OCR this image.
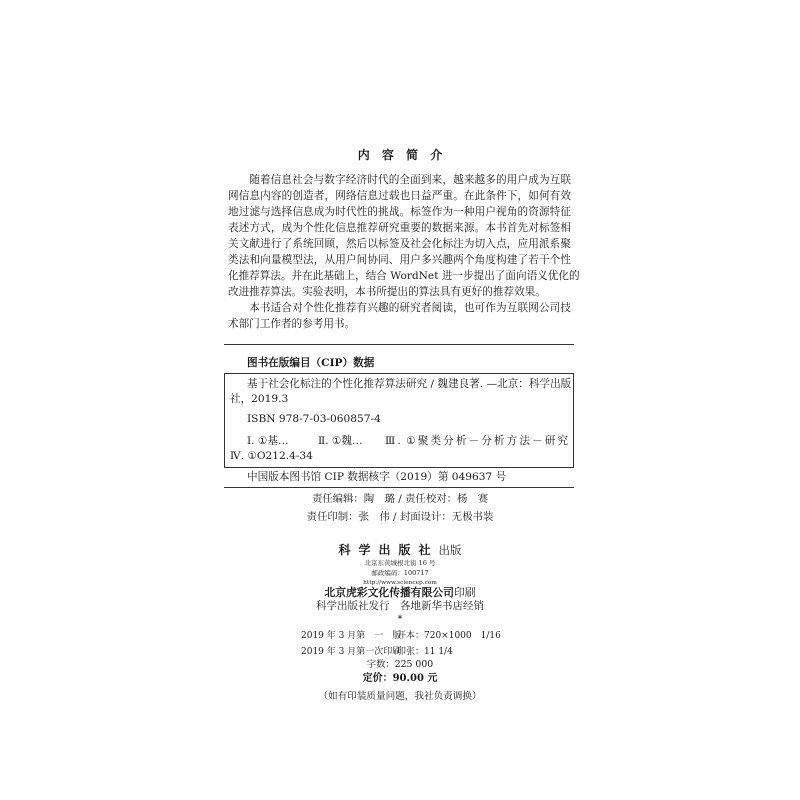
内 容 简 介
随着信息社会与数字经济时代的全面到来，越来越多的用户成为互联
网信息内容的创造者，网络信息过载也日益严重。在此条件下，如何有效
地过滤与选择信息成为时代性的挑战。标签作为一种用户视角的资源特征
表述方式，成为个性化信息推荐研究重要的数据来源。本书首先对标签相
关文献进行了系统回顾，然后以标签及社会化标注为切入点，应用派系聚
类法和向量模型法，从用户间协同、用户多兴趣两个角度构建了若干个性
化推荐算法。并在此基础上，结合 WordNet 进一步提出了面向语义优化的
改进推荐算法。实验表明，本书所提出的算法具有更好的推荐效果。
本书适合对个性化推荐有兴趣的研究者阅读，也可作为互联网公司技
术部门工作者的参考用书。
图书在版编目（CIP）数据
基于社会化标注的个性化推荐算法研究 / 魏建良著. —北京：科学出版
社，2019.3
ISBN 978-7-03-060857-4
Ⅰ. ①基…	Ⅱ. ①魏… Ⅲ. ①聚类分析－分析方法－研究
Ⅳ. ①O212.4-34
中国版本图书馆 CIP 数据核字（2019）第 049637 号
责任编辑：陶　璐 / 责任校对：杨　赛
责任印制：张　伟 / 封面设计：无极书装
科学出版社出版
北京东黄城根北街 16 号
邮政编码：100717
http://www.sciencep.com
北京虎彩文化传播有限公司印刷
科学出版社发行　各地新华书店经销
*
2019 年 3 月第　一　版
开本：720×1000　1/16
2019 年 3 月第一次印刷
印张：11 1/4
字数：225 000
定价：90.00 元
（如有印装质量问题，我社负责调换）
